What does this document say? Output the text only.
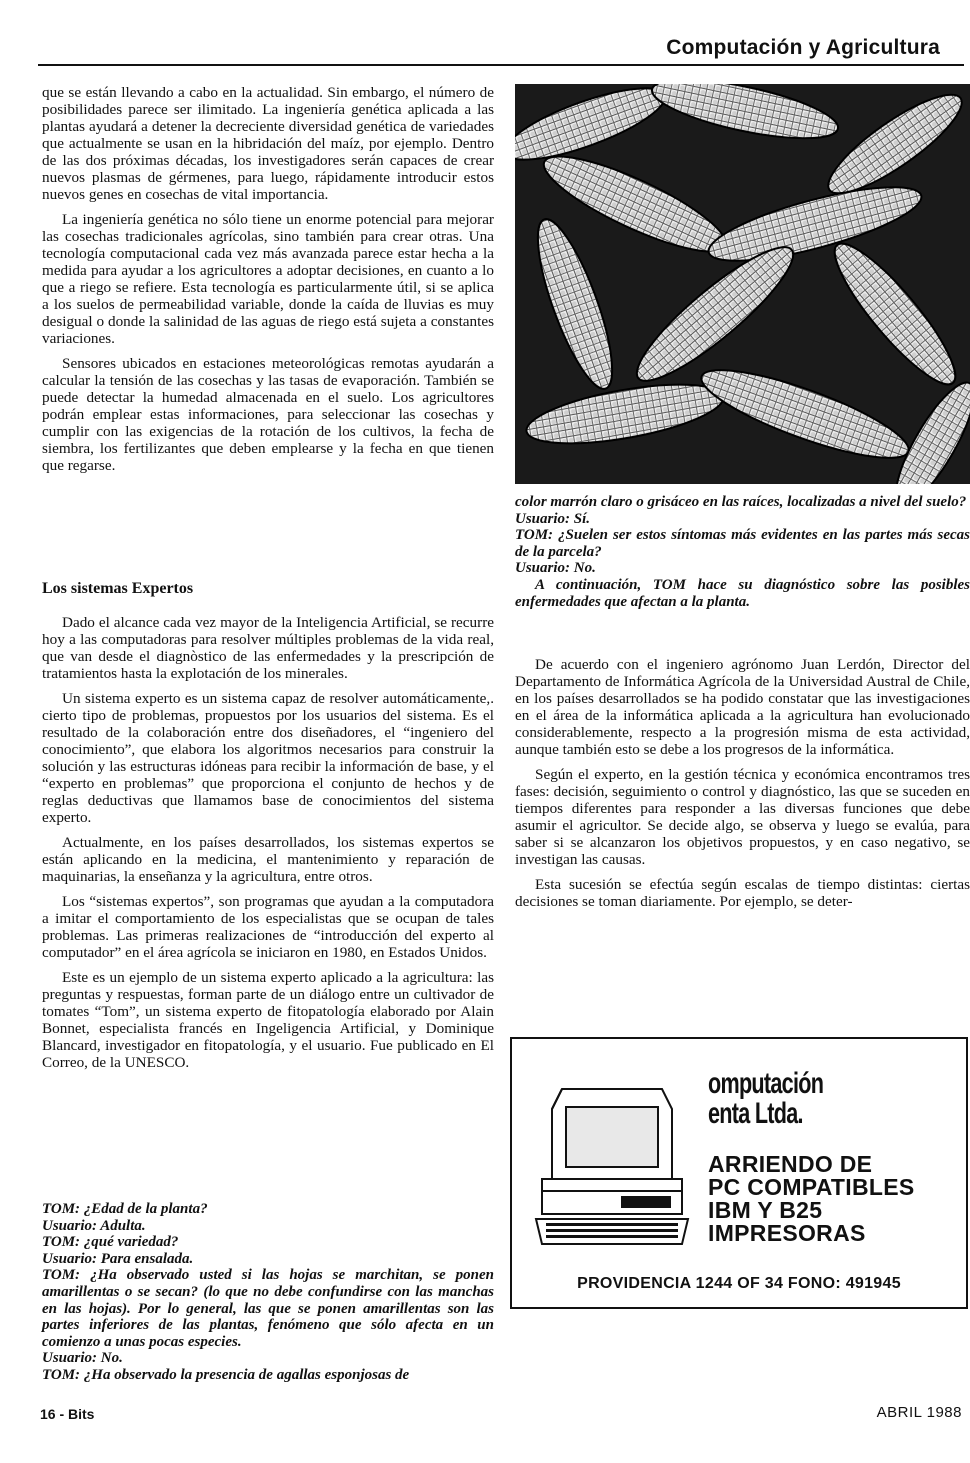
Computación y Agricultura

que se están llevando a cabo en la actualidad. Sin embargo, el número de posibilidades parece ser ilimitado. La ingeniería genética aplicada a las plantas ayudará a detener la decreciente diversidad genética de variedades que actualmente se usan en la hibridación del maíz, por ejemplo. Dentro de las dos próximas décadas, los investigadores serán capaces de crear nuevos plasmas de gérmenes, para luego, rápidamente introducir estos nuevos genes en cosechas de vital importancia.

La ingeniería genética no sólo tiene un enorme potencial para mejorar las cosechas tradicionales agrícolas, sino también para crear otras. Una tecnología computacional cada vez más avanzada parece estar hecha a la medida para ayudar a los agricultores a adoptar decisiones, en cuanto a lo que a riego se refiere. Esta tecnología es particularmente útil, si se aplica a los suelos de permeabilidad variable, donde la caída de lluvias es muy desigual o donde la salinidad de las aguas de riego está sujeta a constantes variaciones.

Sensores ubicados en estaciones meteorológicas remotas ayudarán a calcular la tensión de las cosechas y las tasas de evaporación. También se puede detectar la humedad almacenada en el suelo. Los agricultores podrán emplear estas informaciones, para seleccionar las cosechas y cumplir con las exigencias de la rotación de los cultivos, la fecha de siembra, los fertilizantes que deben emplearse y la fecha en que tienen que regarse.

Los sistemas Expertos

Dado el alcance cada vez mayor de la Inteligencia Artificial, se recurre hoy a las computadoras para resolver múltiples problemas de la vida real, que van desde el diagnòstico de las enfermedades y la prescripción de tratamientos hasta la explotación de los minerales.

Un sistema experto es un sistema capaz de resolver automáticamente,. cierto tipo de problemas, propuestos por los usuarios del sistema. Es el resultado de la colaboración entre dos diseñadores, el “ingeniero del conocimiento”, que elabora los algoritmos necesarios para construir la solución y las estructuras idóneas para recibir la información de base, y el “experto en problemas” que proporciona el conjunto de hechos y de reglas deductivas que llamamos base de conocimientos del sistema experto.

Actualmente, en los países desarrollados, los sistemas expertos se están aplicando en la medicina, el mantenimiento y reparación de maquinarias, la enseñanza y la agricultura, entre otros.

Los “sistemas expertos”, son programas que ayudan a la computadora a imitar el comportamiento de los especialistas que se ocupan de tales problemas. Las primeras realizaciones de “introducción del experto al computador” en el área agrícola se iniciaron en 1980, en Estados Unidos.

Este es un ejemplo de un sistema experto aplicado a la agricultura: las preguntas y respuestas, forman parte de un diálogo entre un cultivador de tomates “Tom”, un sistema experto de fitopatología elaborado por Alain Bonnet, especialista francés en Ingeligencia Artificial, y Dominique Blancard, investigador en fitopatología, y el usuario. Fue publicado en El Correo, de la UNESCO.

TOM: ¿Edad de la planta?
Usuario: Adulta.
TOM: ¿qué variedad?
Usuario: Para ensalada.
TOM: ¿Ha observado usted si las hojas se marchitan, se ponen amarillentas o se secan? (lo que no debe confundirse con las manchas en las hojas). Por lo general, las que se ponen amarillentas son las partes inferiores de las plantas, fenómeno que sólo afecta en un comienzo a unas pocas especies.
Usuario: No.
TOM: ¿Ha observado la presencia de agallas esponjosas de
color marrón claro o grisáceo en las raíces, localizadas a nivel del suelo?
Usuario: Sí.
TOM: ¿Suelen ser estos síntomas más evidentes en las partes más secas de la parcela?
Usuario: No.
A continuación, TOM hace su diagnóstico sobre las posibles enfermedades que afectan a la planta.

De acuerdo con el ingeniero agrónomo Juan Lerdón, Director del Departamento de Informática Agrícola de la Universidad Austral de Chile, en los países desarrollados se ha podido constatar que las investigaciones en el área de la informática aplicada a la agricultura han evolucionado considerablemente, respecto a la progresión misma de esta actividad, aunque también esto se debe a los progresos de la informática.

Según el experto, en la gestión técnica y económica encontramos tres fases: decisión, seguimiento o control y diagnóstico, las que se suceden en tiempos diferentes para responder a las diversas funciones que debe asumir el agricultor. Se decide algo, se observa y luego se evalúa, para saber si se alcanzaron los objetivos propuestos, y en caso negativo, se investigan las causas.

Esta sucesión se efectúa según escalas de tiempo distintas: ciertas decisiones se toman diariamente. Por ejemplo, se deter-

omputación
enta Ltda.
ARRIENDO DE
PC COMPATIBLES
IBM Y B25
IMPRESORAS
PROVIDENCIA 1244 OF 34 FONO: 491945
16 - Bits	ABRIL 1988
